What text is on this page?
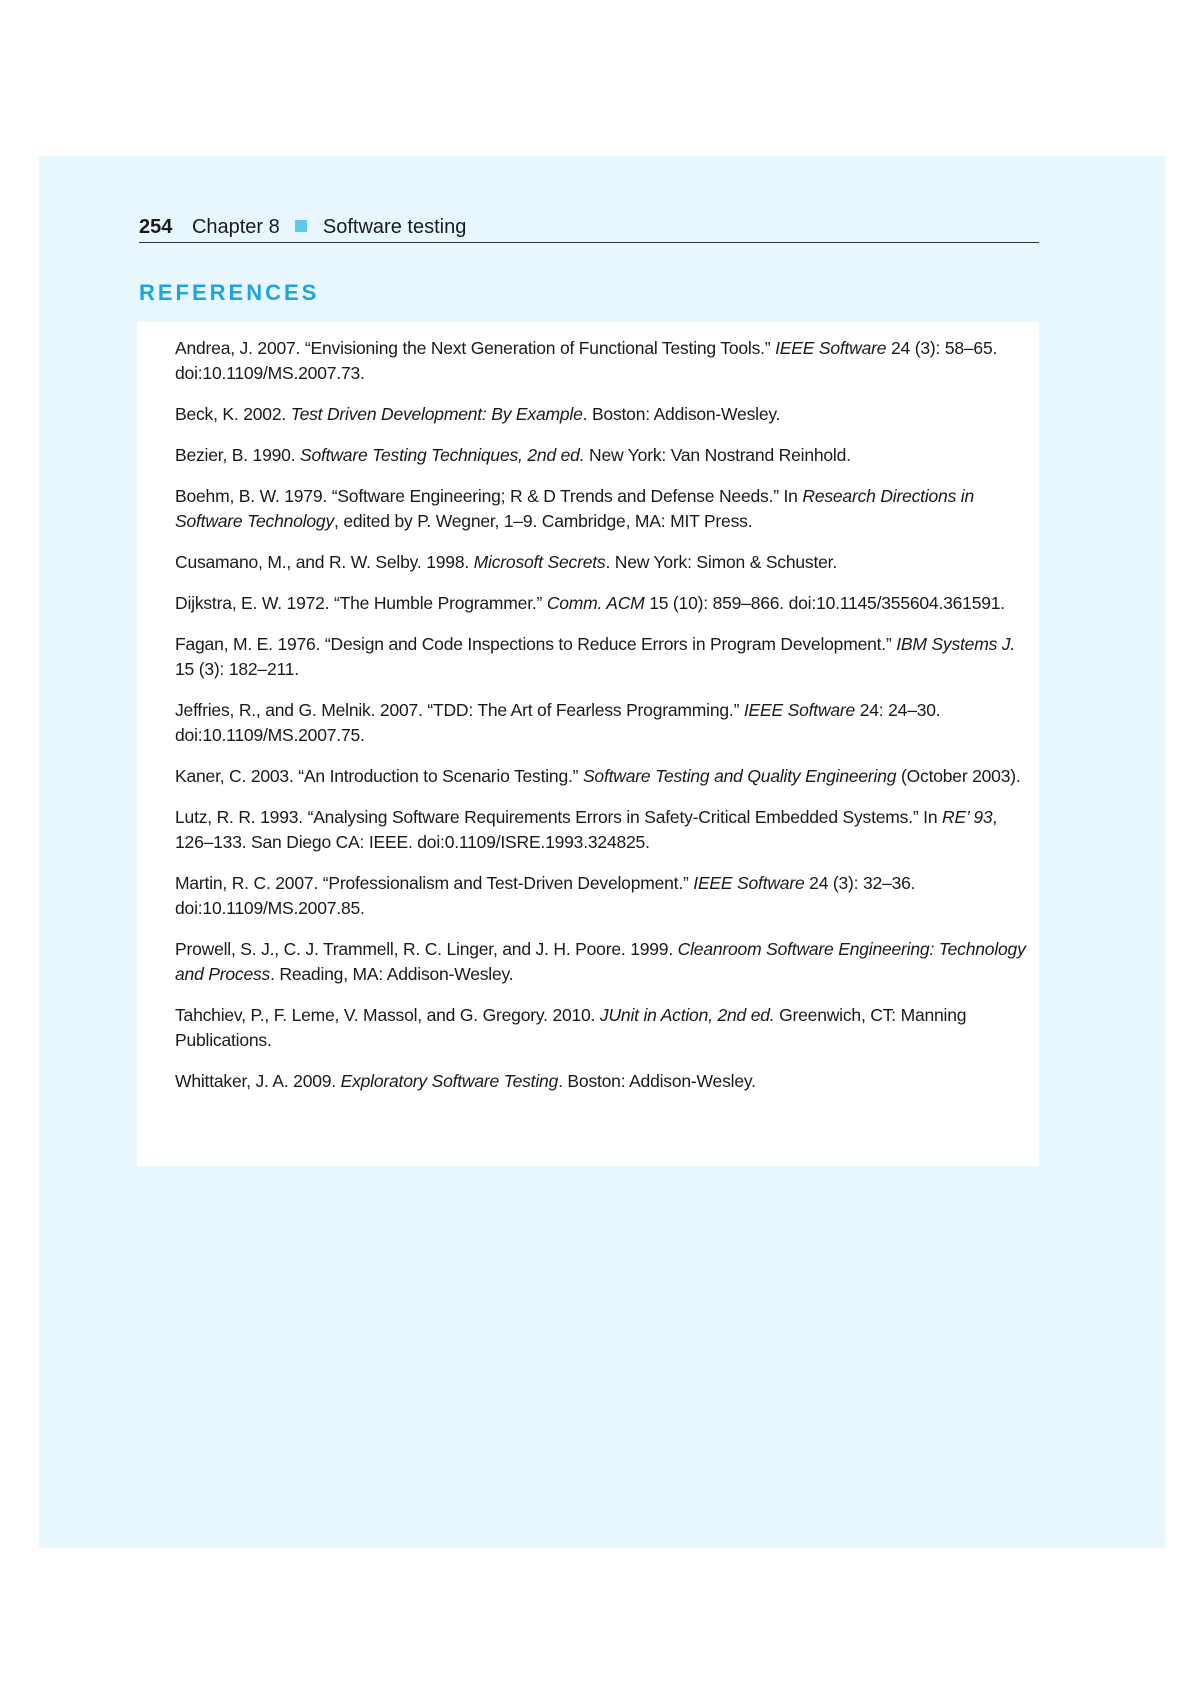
254 Chapter 8 Software testing
REFERENCES

Andrea, J. 2007. “Envisioning the Next Generation of Functional Testing Tools.” IEEE Software 24 (3): 58–65. doi:10.1109/MS.2007.73.

Beck, K. 2002. Test Driven Development: By Example. Boston: Addison-Wesley.

Bezier, B. 1990. Software Testing Techniques, 2nd ed. New York: Van Nostrand Reinhold.

Boehm, B. W. 1979. “Software Engineering; R & D Trends and Defense Needs.” In Research Directions in Software Technology, edited by P. Wegner, 1–9. Cambridge, MA: MIT Press.

Cusamano, M., and R. W. Selby. 1998. Microsoft Secrets. New York: Simon & Schuster.

Dijkstra, E. W. 1972. “The Humble Programmer.” Comm. ACM 15 (10): 859–866. doi:10.1145/355604.361591.

Fagan, M. E. 1976. “Design and Code Inspections to Reduce Errors in Program Development.” IBM Systems J. 15 (3): 182–211.

Jeffries, R., and G. Melnik. 2007. “TDD: The Art of Fearless Programming.” IEEE Software 24: 24–30. doi:10.1109/MS.2007.75.

Kaner, C. 2003. “An Introduction to Scenario Testing.” Software Testing and Quality Engineering (October 2003).

Lutz, R. R. 1993. “Analysing Software Requirements Errors in Safety-Critical Embedded Systems.” In RE’ 93, 126–133. San Diego CA: IEEE. doi:0.1109/ISRE.1993.324825.

Martin, R. C. 2007. “Professionalism and Test-Driven Development.” IEEE Software 24 (3): 32–36. doi:10.1109/MS.2007.85.

Prowell, S. J., C. J. Trammell, R. C. Linger, and J. H. Poore. 1999. Cleanroom Software Engineering: Technology and Process. Reading, MA: Addison-Wesley.

Tahchiev, P., F. Leme, V. Massol, and G. Gregory. 2010. JUnit in Action, 2nd ed. Greenwich, CT: Manning Publications.

Whittaker, J. A. 2009. Exploratory Software Testing. Boston: Addison-Wesley.
